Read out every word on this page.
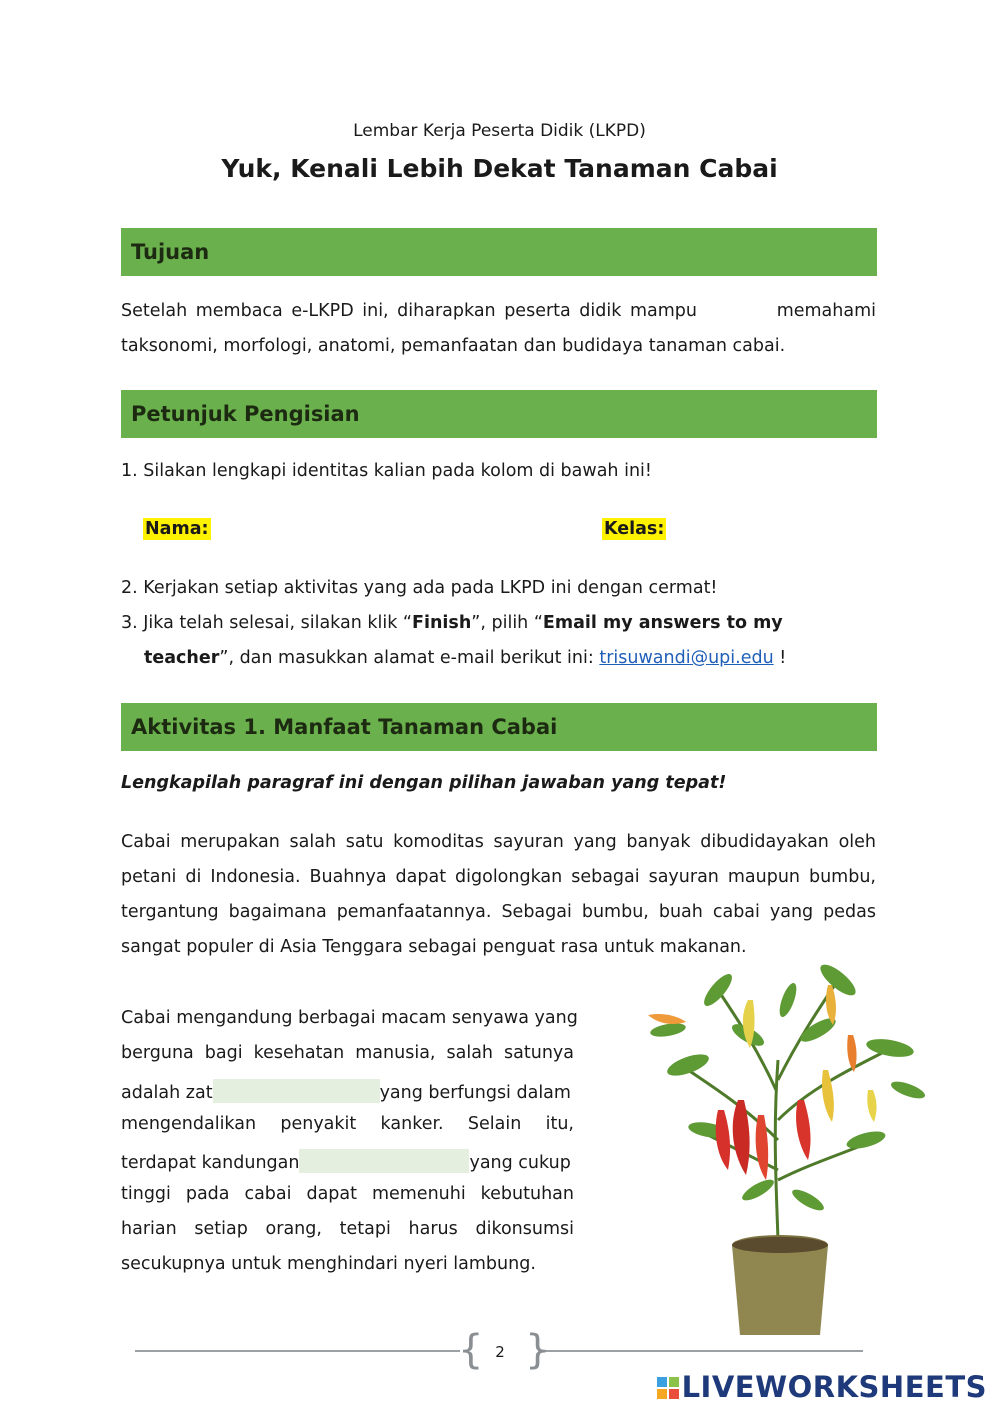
Lembar Kerja Peserta Didik (LKPD)
Yuk, Kenali Lebih Dekat Tanaman Cabai
Tujuan
Setelah membaca e-LKPD ini, diharapkan peserta didik mampu	memahami
taksonomi, morfologi, anatomi, pemanfaatan dan budidaya tanaman cabai.
Petunjuk Pengisian
1. Silakan lengkapi identitas kalian pada kolom di bawah ini!
Nama:	Kelas:
2. Kerjakan setiap aktivitas yang ada pada LKPD ini dengan cermat!
3. Jika telah selesai, silakan klik “Finish”, pilih “Email my answers to my
teacher”, dan masukkan alamat e-mail berikut ini: trisuwandi@upi.edu !
Aktivitas 1. Manfaat Tanaman Cabai
Lengkapilah paragraf ini dengan pilihan jawaban yang tepat!
Cabai merupakan salah satu komoditas sayuran yang banyak dibudidayakan oleh petani di Indonesia. Buahnya dapat digolongkan sebagai sayuran maupun bumbu, tergantung bagaimana pemanfaatannya. Sebagai bumbu, buah cabai yang pedas sangat populer di Asia Tenggara sebagai penguat rasa untuk makanan.
Cabai mengandung berbagai macam senyawa yang
berguna bagi kesehatan manusia, salah satunya
adalah zat	yang berfungsi dalam
mengendalikan penyakit kanker. Selain itu,
terdapat kandungan	yang cukup
tinggi pada cabai dapat memenuhi kebutuhan
harian setiap orang, tetapi harus dikonsumsi
secukupnya untuk menghindari nyeri lambung.
{ }
2
LIVEWORKSHEETS
